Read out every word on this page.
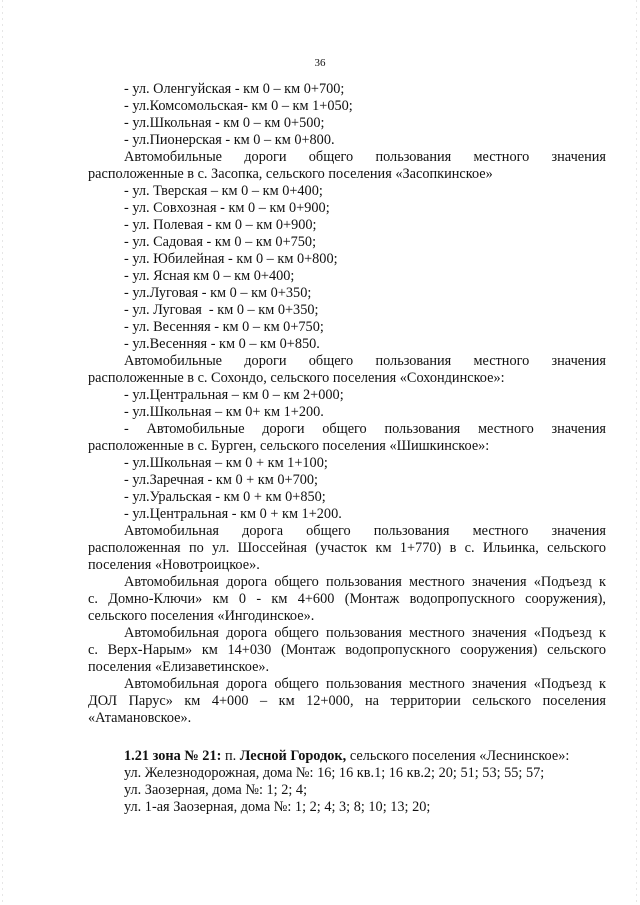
36
- ул. Оленгуйская - км 0 – км 0+700;
- ул.Комсомольская- км 0 – км 1+050;
- ул.Школьная - км 0 – км 0+500;
- ул.Пионерская - км 0 – км 0+800.
Автомобильные дороги общего пользования местного значения
расположенные в с. Засопка, сельского поселения «Засопкинское»
- ул. Тверская – км 0 – км 0+400;
- ул. Совхозная - км 0 – км 0+900;
- ул. Полевая - км 0 – км 0+900;
- ул. Садовая - км 0 – км 0+750;
- ул. Юбилейная - км 0 – км 0+800;
- ул. Ясная км 0 – км 0+400;
- ул.Луговая - км 0 – км 0+350;
- ул. Луговая  - км 0 – км 0+350;
- ул. Весенняя - км 0 – км 0+750;
- ул.Весенняя - км 0 – км 0+850.
Автомобильные дороги общего пользования местного значения
расположенные в с. Сохондо, сельского поселения «Сохондинское»:
- ул.Центральная – км 0 – км 2+000;
- ул.Школьная – км 0+ км 1+200.
- Автомобильные дороги общего пользования местного значения
расположенные в с. Бурген, сельского поселения «Шишкинское»:
- ул.Школьная – км 0 + км 1+100;
- ул.Заречная - км 0 + км 0+700;
- ул.Уральская - км 0 + км 0+850;
- ул.Центральная - км 0 + км 1+200.
Автомобильная дорога общего пользования местного значения
расположенная по ул. Шоссейная (участок км 1+770) в с. Ильинка, сельского
поселения «Новотроицкое».
Автомобильная дорога общего пользования местного значения «Подъезд к
с. Домно-Ключи» км 0 - км 4+600 (Монтаж водопропускного сооружения),
сельского поселения «Ингодинское».
Автомобильная дорога общего пользования местного значения «Подъезд к
с. Верх-Нарым» км 14+030 (Монтаж водопропускного сооружения) сельского
поселения «Елизаветинское».
Автомобильная дорога общего пользования местного значения «Подъезд к
ДОЛ Парус» км 4+000 – км 12+000, на территории сельского поселения
«Атамановское».
1.21 зона № 21: п. Лесной Городок, сельского поселения «Леснинское»:
ул. Железнодорожная, дома №: 16; 16 кв.1; 16 кв.2; 20; 51; 53; 55; 57;
ул. Заозерная, дома №: 1; 2; 4;
ул. 1-ая Заозерная, дома №: 1; 2; 4; 3; 8; 10; 13; 20;
